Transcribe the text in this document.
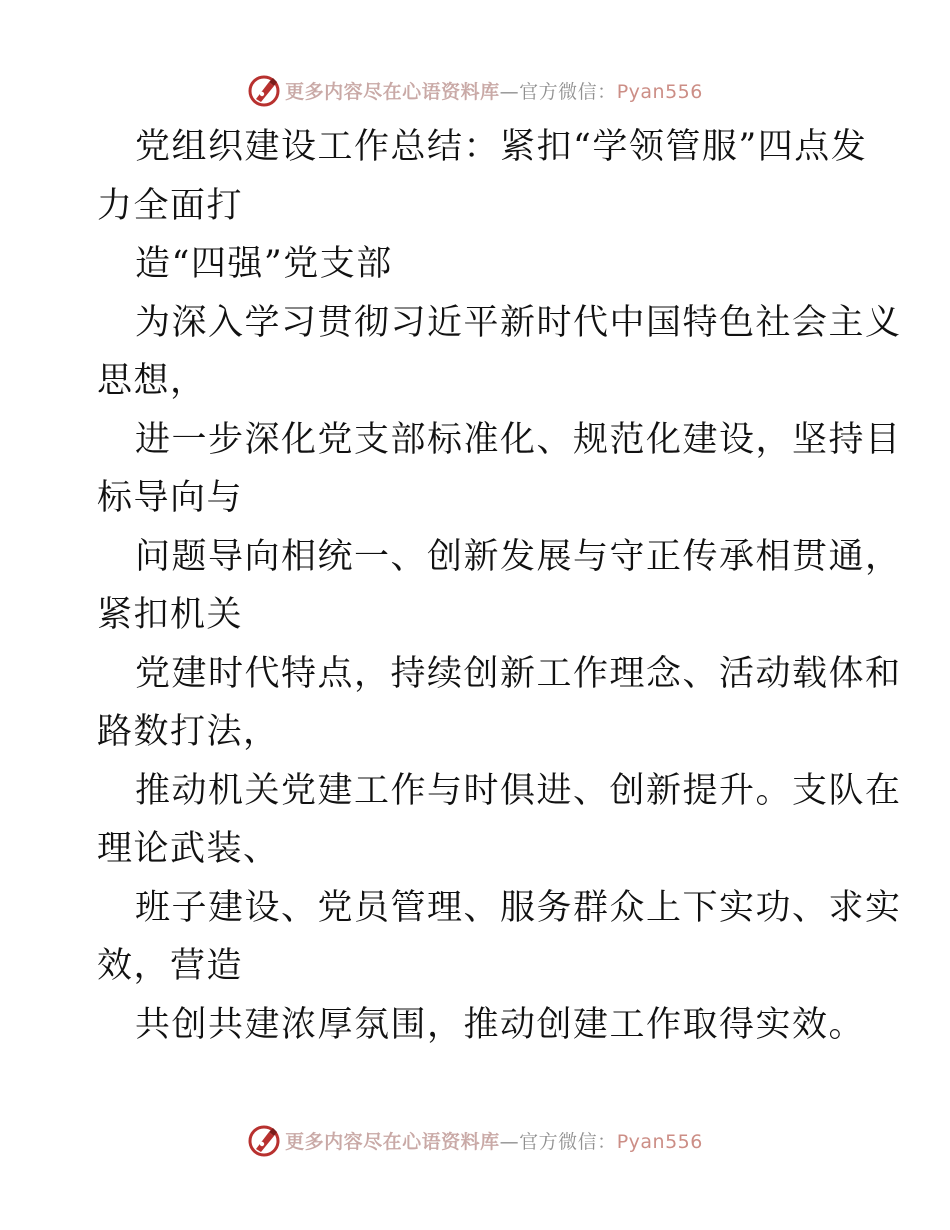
更多内容尽在心语资料库—官方微信：Pyan556
党组织建设工作总结：紧扣“学领管服”四点发
力全面打
造“四强”党支部
为深入学习贯彻习近平新时代中国特色社会主义
思想，
进一步深化党支部标准化、规范化建设，坚持目
标导向与
问题导向相统一、创新发展与守正传承相贯通，
紧扣机关
党建时代特点，持续创新工作理念、活动载体和
路数打法，
推动机关党建工作与时俱进、创新提升。支队在
理论武装、
班子建设、党员管理、服务群众上下实功、求实
效，营造
共创共建浓厚氛围，推动创建工作取得实效。
更多内容尽在心语资料库—官方微信：Pyan556
